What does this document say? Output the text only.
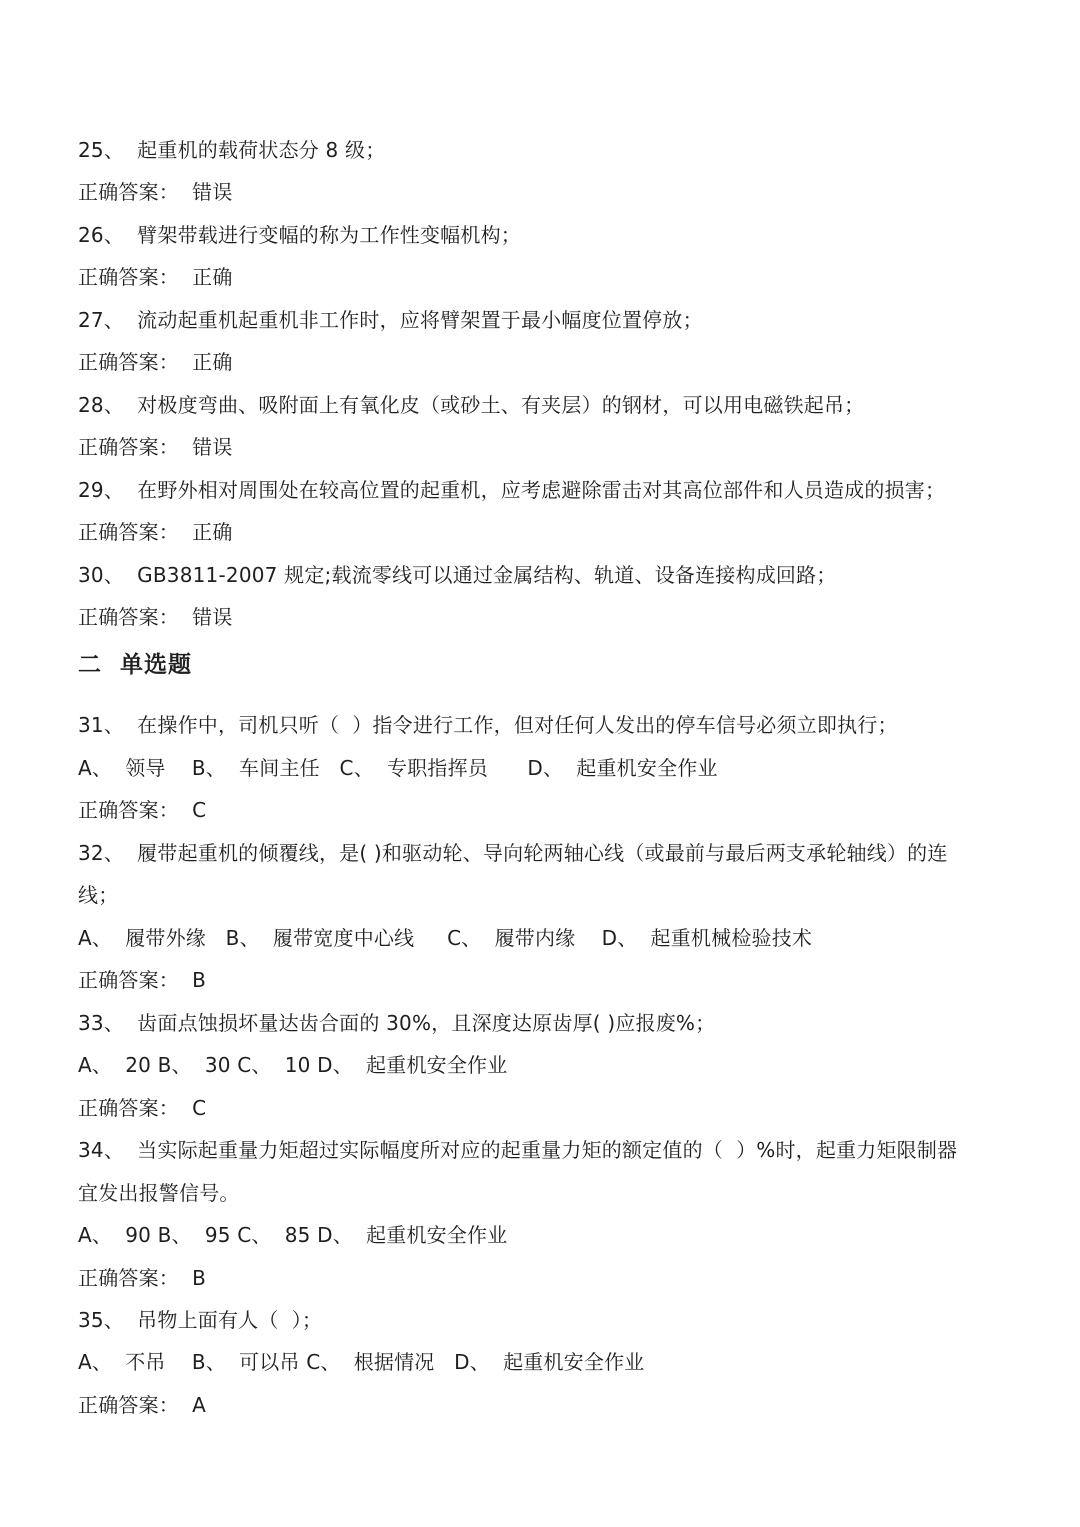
25、  起重机的载荷状态分 8 级；
正确答案：  错误
26、  臂架带载进行变幅的称为工作性变幅机构；
正确答案：  正确
27、  流动起重机起重机非工作时，应将臂架置于最小幅度位置停放；
正确答案：  正确
28、  对极度弯曲、吸附面上有氧化皮（或砂土、有夹层）的钢材，可以用电磁铁起吊；
正确答案：  错误
29、  在野外相对周围处在较高位置的起重机，应考虑避除雷击对其高位部件和人员造成的损害；
正确答案：  正确
30、  GB3811-2007 规定;载流零线可以通过金属结构、轨道、设备连接构成回路；
正确答案：  错误
二  单选题
31、  在操作中，司机只听（  ）指令进行工作，但对任何人发出的停车信号必须立即执行；
A、  领导    B、  车间主任   C、  专职指挥员      D、  起重机安全作业
正确答案：  C
32、  履带起重机的倾覆线，是( )和驱动轮、导向轮两轴心线（或最前与最后两支承轮轴线）的连
线；
A、  履带外缘   B、  履带宽度中心线     C、  履带内缘    D、  起重机械检验技术
正确答案：  B
33、  齿面点蚀损坏量达齿合面的 30%，且深度达原齿厚( )应报废%；
A、  20 B、  30 C、  10 D、  起重机安全作业
正确答案：  C
34、  当实际起重量力矩超过实际幅度所对应的起重量力矩的额定值的（  ）%时，起重力矩限制器
宜发出报警信号。
A、  90 B、  95 C、  85 D、  起重机安全作业
正确答案：  B
35、  吊物上面有人（  ）；
A、  不吊    B、  可以吊 C、  根据情况   D、  起重机安全作业
正确答案：  A
